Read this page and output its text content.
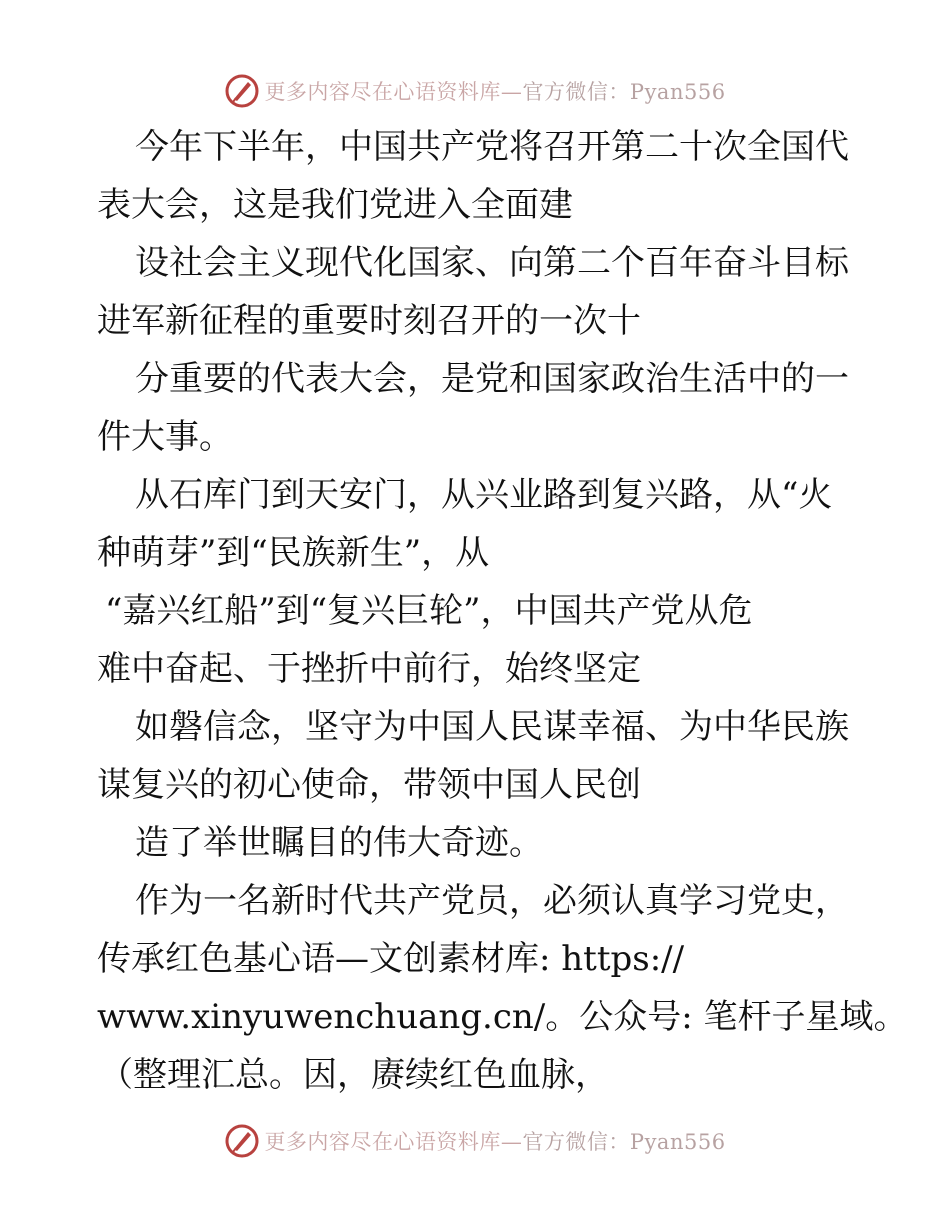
更多内容尽在心语资料库—官方微信：Pyan556
今年下半年，中国共产党将召开第二十次全国代
表大会，这是我们党进入全面建
设社会主义现代化国家、向第二个百年奋斗目标
进军新征程的重要时刻召开的一次十
分重要的代表大会，是党和国家政治生活中的一
件大事。
从石库门到天安门，从兴业路到复兴路，从“火
种萌芽”到“民族新生”，从
“嘉兴红船”到“复兴巨轮”，中国共产党从危
难中奋起、于挫折中前行，始终坚定
如磐信念，坚守为中国人民谋幸福、为中华民族
谋复兴的初心使命，带领中国人民创
造了举世瞩目的伟大奇迹。
作为一名新时代共产党员，必须认真学习党史，
传承红色基心语—文创素材库: https://
www.xinyuwenchuang.cn/。公众号: 笔杆子星域。
（整理汇总。因，赓续红色血脉，
更多内容尽在心语资料库—官方微信：Pyan556
